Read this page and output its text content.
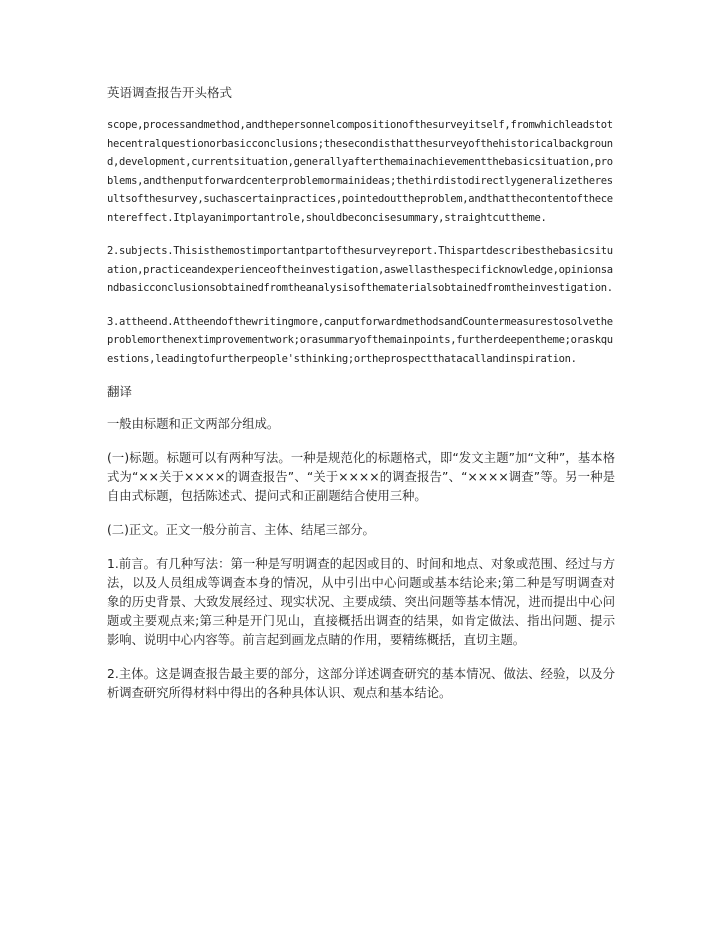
英语调查报告开头格式

scope,processandmethod,andthepersonnelcompositionofthesurveyitself,fromwhichleadstothecentralquestionorbasicconclusions;thesecondisthatthesurveyofthehistoricalbackground,development,currentsituation,generallyafterthemainachievementthebasicsituation,problems,andthenputforwardcenterproblemormainideas;thethirdistodirectlygeneralizetheresultsofthesurvey,suchascertainpractices,pointedouttheproblem,andthatthecontentofthecentereffect.Itplayanimportantrole,shouldbeconcisesummary,straightcuttheme.

2.subjects.Thisisthemostimportantpartofthesurveyreport.Thispartdescribesthebasicsituation,practiceandexperienceoftheinvestigation,aswellasthespecificknowledge,opinionsandbasicconclusionsobtainedfromtheanalysisofthematerialsobtainedfromtheinvestigation.

3.attheend.Attheendofthewritingmore,canputforwardmethodsandCountermeasurestosolvetheproblemorthenextimprovementwork;orasummaryofthemainpoints,furtherdeepentheme;oraskquestions,leadingtofurtherpeople'sthinking;ortheprospectthatacallandinspiration.

翻译

一般由标题和正文两部分组成。

(一)标题。标题可以有两种写法。一种是规范化的标题格式，即“发文主题”加“文种”，基本格式为“××关于××××的调查报告”、“关于××××的调查报告”、“××××调查”等。另一种是自由式标题，包括陈述式、提问式和正副题结合使用三种。

(二)正文。正文一般分前言、主体、结尾三部分。

1.前言。有几种写法：第一种是写明调查的起因或目的、时间和地点、对象或范围、经过与方法，以及人员组成等调查本身的情况，从中引出中心问题或基本结论来;第二种是写明调查对象的历史背景、大致发展经过、现实状况、主要成绩、突出问题等基本情况，进而提出中心问题或主要观点来;第三种是开门见山，直接概括出调查的结果，如肯定做法、指出问题、提示影响、说明中心内容等。前言起到画龙点睛的作用，要精练概括，直切主题。

2.主体。这是调查报告最主要的部分，这部分详述调查研究的基本情况、做法、经验，以及分析调查研究所得材料中得出的各种具体认识、观点和基本结论。
